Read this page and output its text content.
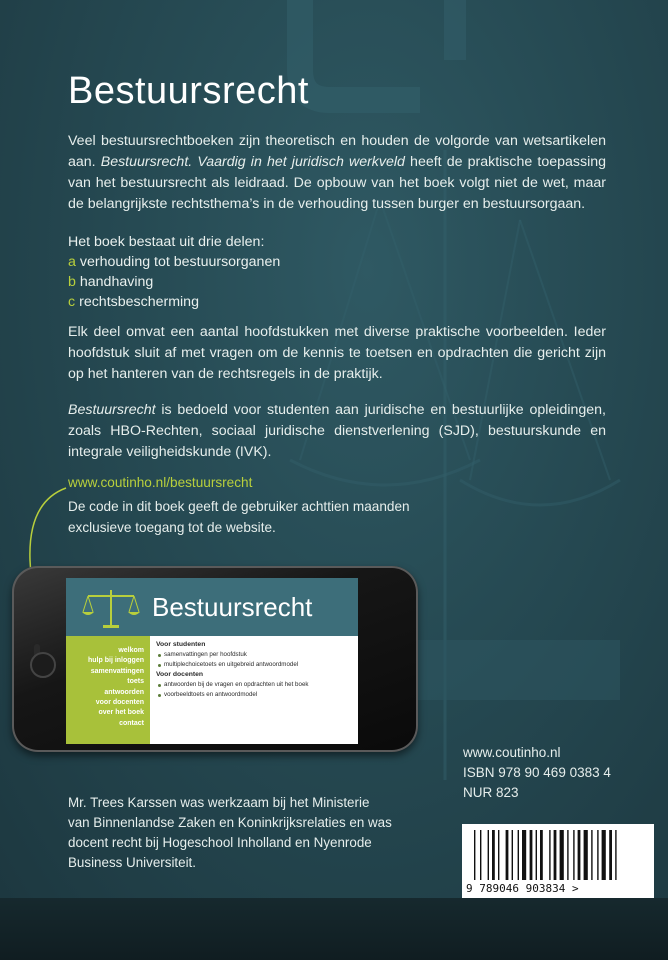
Bestuursrecht

Veel bestuursrechtboeken zijn theoretisch en houden de volgorde van wetsartikelen aan. Bestuursrecht. Vaardig in het juridisch werkveld heeft de praktische toepassing van het bestuursrecht als leidraad. De opbouw van het boek volgt niet de wet, maar de belangrijkste rechtsthema’s in de verhouding tussen burger en bestuursorgaan.

Het boek bestaat uit drie delen:
a verhouding tot bestuursorganen
b handhaving
c rechtsbescherming

Elk deel omvat een aantal hoofdstukken met diverse praktische voorbeelden. Ieder hoofdstuk sluit af met vragen om de kennis te toetsen en opdrachten die gericht zijn op het hanteren van de rechtsregels in de praktijk.

Bestuursrecht is bedoeld voor studenten aan juridische en bestuurlijke opleidingen, zoals HBO-Rechten, sociaal juridische dienstverlening (SJD), bestuurskunde en integrale veiligheidskunde (IVK).

www.coutinho.nl/bestuursrecht
De code in dit boek geeft de gebruiker achttien maanden
exclusieve toegang tot de website.
Bestuursrecht
welkom
hulp bij inloggen
samenvattingen
toets
antwoorden
voor docenten
over het boek
contact
Voor studenten
samenvattingen per hoofdstuk
multiplechoicetoets en uitgebreid antwoordmodel
Voor docenten
antwoorden bij de vragen en opdrachten uit het boek
voorbeeldtoets en antwoordmodel
www.coutinho.nl
ISBN 978 90 469 0383 4
NUR 823
Mr. Trees Karssen was werkzaam bij het Ministerie
van Binnenlandse Zaken en Koninkrijksrelaties en was
docent recht bij Hogeschool Inholland en Nyenrode
Business Universiteit.
9 789046 903834 >
